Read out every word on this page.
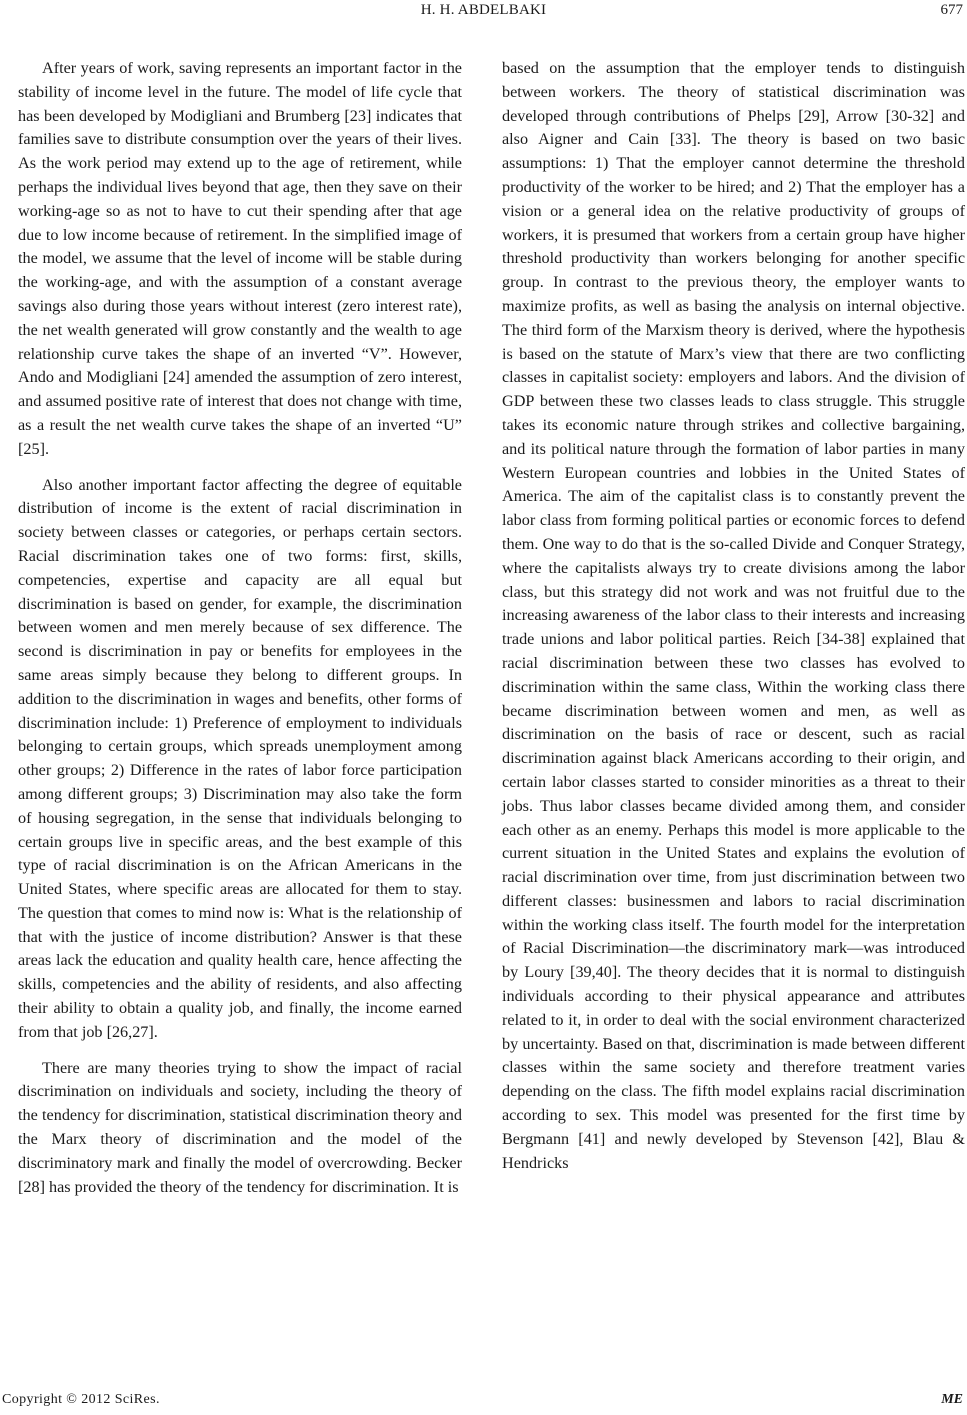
H. H. ABDELBAKI	677

After years of work, saving represents an important factor in the stability of income level in the future. The model of life cycle that has been developed by Modigliani and Brumberg [23] indicates that families save to distribute consumption over the years of their lives. As the work period may extend up to the age of retirement, while perhaps the individual lives beyond that age, then they save on their working-age so as not to have to cut their spending after that age due to low income because of retirement. In the simplified image of the model, we assume that the level of income will be stable during the working-age, and with the assumption of a constant average savings also during those years without interest (zero interest rate), the net wealth generated will grow constantly and the wealth to age relationship curve takes the shape of an inverted “V”. However, Ando and Modigliani [24] amended the assumption of zero interest, and assumed positive rate of interest that does not change with time, as a result the net wealth curve takes the shape of an inverted “U” [25].

Also another important factor affecting the degree of equitable distribution of income is the extent of racial discrimination in society between classes or categories, or perhaps certain sectors. Racial discrimination takes one of two forms: first, skills, competencies, expertise and capacity are all equal but discrimination is based on gender, for example, the discrimination between women and men merely because of sex difference. The second is discrimination in pay or benefits for employees in the same areas simply because they belong to different groups. In addition to the discrimination in wages and benefits, other forms of discrimination include: 1) Preference of employment to individuals belonging to certain groups, which spreads unemployment among other groups; 2) Difference in the rates of labor force participation among different groups; 3) Discrimination may also take the form of housing segregation, in the sense that individuals belonging to certain groups live in specific areas, and the best example of this type of racial discrimination is on the African Americans in the United States, where specific areas are allocated for them to stay. The question that comes to mind now is: What is the relationship of that with the justice of income distribution? Answer is that these areas lack the education and quality health care, hence affecting the skills, competencies and the ability of residents, and also affecting their ability to obtain a quality job, and finally, the income earned from that job [26,27].

There are many theories trying to show the impact of racial discrimination on individuals and society, including the theory of the tendency for discrimination, statistical discrimination theory and the Marx theory of discrimination and the model of the discriminatory mark and finally the model of overcrowding. Becker [28] has provided the theory of the tendency for discrimination. It is

based on the assumption that the employer tends to distinguish between workers. The theory of statistical discrimination was developed through contributions of Phelps [29], Arrow [30-32] and also Aigner and Cain [33]. The theory is based on two basic assumptions: 1) That the employer cannot determine the threshold productivity of the worker to be hired; and 2) That the employer has a vision or a general idea on the relative productivity of groups of workers, it is presumed that workers from a certain group have higher threshold productivity than workers belonging for another specific group. In contrast to the previous theory, the employer wants to maximize profits, as well as basing the analysis on internal objective. The third form of the Marxism theory is derived, where the hypothesis is based on the statute of Marx’s view that there are two conflicting classes in capitalist society: employers and labors. And the division of GDP between these two classes leads to class struggle. This struggle takes its economic nature through strikes and collective bargaining, and its political nature through the formation of labor parties in many Western European countries and lobbies in the United States of America. The aim of the capitalist class is to constantly prevent the labor class from forming political parties or economic forces to defend them. One way to do that is the so-called Divide and Conquer Strategy, where the capitalists always try to create divisions among the labor class, but this strategy did not work and was not fruitful due to the increasing awareness of the labor class to their interests and increasing trade unions and labor political parties. Reich [34-38] explained that racial discrimination between these two classes has evolved to discrimination within the same class, Within the working class there became discrimination between women and men, as well as discrimination on the basis of race or descent, such as racial discrimination against black Americans according to their origin, and certain labor classes started to consider minorities as a threat to their jobs. Thus labor classes became divided among them, and consider each other as an enemy. Perhaps this model is more applicable to the current situation in the United States and explains the evolution of racial discrimination over time, from just discrimination between two different classes: businessmen and labors to racial discrimination within the working class itself. The fourth model for the interpretation of Racial Discrimination—the discriminatory mark—was introduced by Loury [39,40]. The theory decides that it is normal to distinguish individuals according to their physical appearance and attributes related to it, in order to deal with the social environment characterized by uncertainty. Based on that, discrimination is made between different classes within the same society and therefore treatment varies depending on the class. The fifth model explains racial discrimination according to sex. This model was presented for the first time by Bergmann [41] and newly developed by Stevenson [42], Blau & Hendricks

Copyright © 2012 SciRes.	ME
